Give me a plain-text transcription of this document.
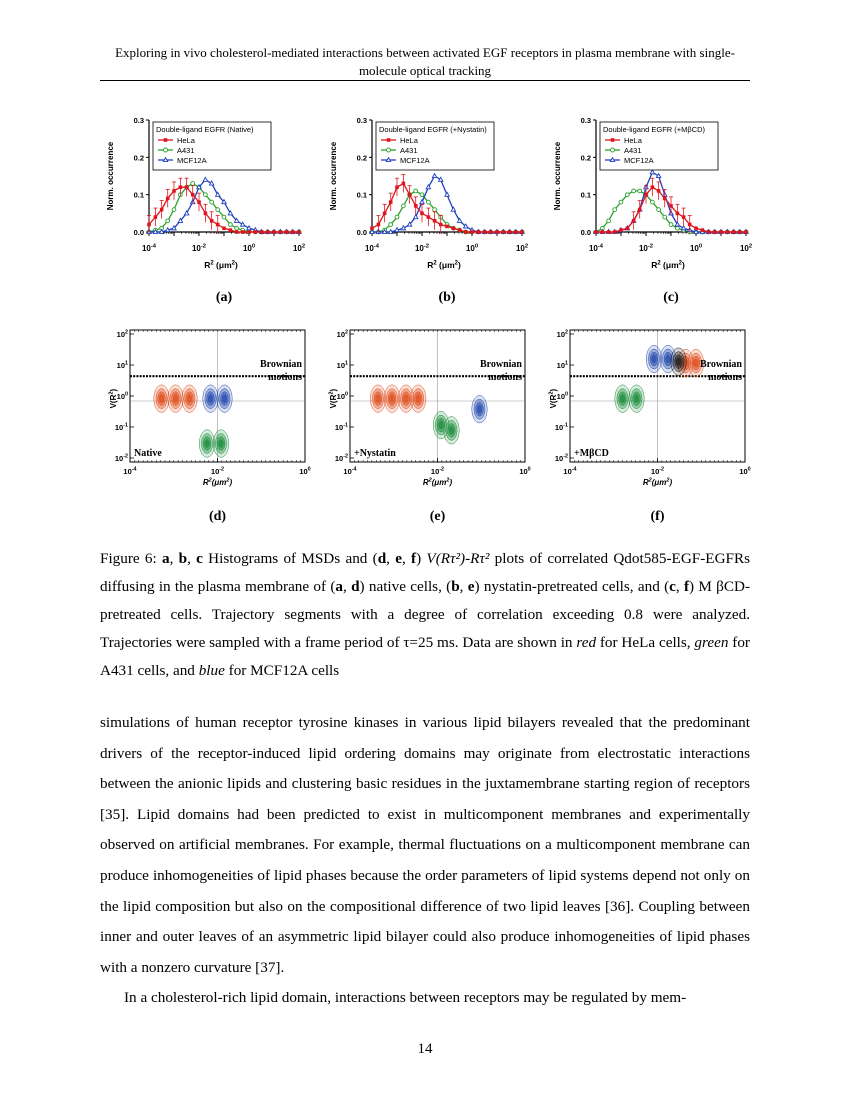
Exploring in vivo cholesterol-mediated interactions between activated EGF receptors in plasma membrane with single-molecule optical tracking
0.0
0.1
0.2
0.3
$10^{-4}$	$10^{-2}$	$10^0$	$10^2$
Norm. occurrence
$R^2$ $(\mu m^2)$
Double-ligand EGFR (Native)
HeLa
A431
MCF12A
(a)
0.0
0.1
0.2
0.3
$10^{-4}$	$10^{-2}$	$10^0$	$10^2$
Norm. occurrence
$R^2$ $(\mu m^2)$
Double-ligand EGFR (+Nystatin)
HeLa
A431
MCF12A
(b)
0.0
0.1
0.2
0.3
$10^{-4}$	$10^{-2}$	$10^0$	$10^2$
Norm. occurrence
$R^2$ $(\mu m^2)$
Double-ligand EGFR (+MβCD)
HeLa
A431
MCF12A
(c)
$10^2$
$10^1$
$10^0$
$10^{-1}$
$10^{-2}$
$10^{-4}$	$10^{-2}$	$10^0$
$V(R^2)$
$R^2(\mu m^2)$
Brownian
motions
Native
(d)
$10^2$
$10^1$
$10^0$
$10^{-1}$
$10^{-2}$
$10^{-4}$	$10^{-2}$	$10^0$
$V(R^2)$
$R^2(\mu m^2)$
Brownian
motions
+Nystatin
(e)
$10^2$
$10^1$
$10^0$
$10^{-1}$
$10^{-2}$
$10^{-4}$	$10^{-2}$	$10^0$
$V(R^2)$
$R^2(\mu m^2)$
Brownian
motions
+MβCD
(f)
Figure 6: a, b, c Histograms of MSDs and (d, e, f) V(Rτ²)-Rτ² plots of correlated Qdot585-EGF-EGFRs diffusing in the plasma membrane of (a, d) native cells, (b, e) nystatin-pretreated cells, and (c, f) M βCD-pretreated cells. Trajectory segments with a degree of correlation exceeding 0.8 were analyzed. Trajectories were sampled with a frame period of τ=25 ms. Data are shown in red for HeLa cells, green for A431 cells, and blue for MCF12A cells

simulations of human receptor tyrosine kinases in various lipid bilayers revealed that the predominant drivers of the receptor-induced lipid ordering domains may originate from electrostatic interactions between the anionic lipids and clustering basic residues in the juxtamembrane starting region of receptors [35]. Lipid domains had been predicted to exist in multicomponent membranes and experimentally observed on artificial membranes. For example, thermal fluctuations on a multicomponent membrane can produce inhomogeneities of lipid phases because the order parameters of lipid systems depend not only on the lipid composition but also on the compositional difference of two lipid leaves [36]. Coupling between inner and outer leaves of an asymmetric lipid bilayer could also produce inhomogeneities of lipid phases with a nonzero curvature [37].

In a cholesterol-rich lipid domain, interactions between receptors may be regulated by mem-

14
